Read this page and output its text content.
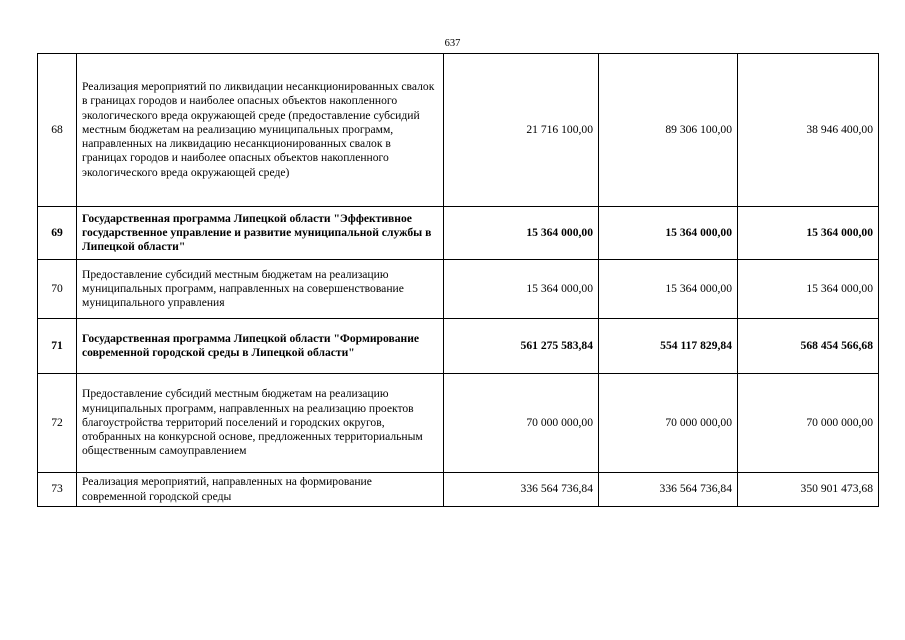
637
68	Реализация мероприятий по ликвидации несанкционированных свалок в границах городов и наиболее опасных объектов накопленного экологического вреда окружающей среде (предоставление субсидий местным бюджетам на реализацию муниципальных программ, направленных на ликвидацию несанкционированных свалок в границах городов и наиболее опасных объектов накопленного экологического вреда окружающей среде)	21 716 100,00	89 306 100,00	38 946 400,00
69	Государственная программа Липецкой области "Эффективное государственное управление и развитие муниципальной службы в Липецкой области"	15 364 000,00	15 364 000,00	15 364 000,00
70	Предоставление субсидий местным бюджетам на реализацию муниципальных программ, направленных на совершенствование муниципального управления	15 364 000,00	15 364 000,00	15 364 000,00
71	Государственная программа Липецкой области "Формирование современной городской среды в Липецкой области"	561 275 583,84	554 117 829,84	568 454 566,68
72	Предоставление субсидий местным бюджетам на реализацию муниципальных программ, направленных на реализацию проектов благоустройства территорий поселений и городских округов, отобранных на конкурсной основе, предложенных территориальным общественным самоуправлением	70 000 000,00	70 000 000,00	70 000 000,00
73	Реализация мероприятий, направленных на формирование современной городской среды	336 564 736,84	336 564 736,84	350 901 473,68
